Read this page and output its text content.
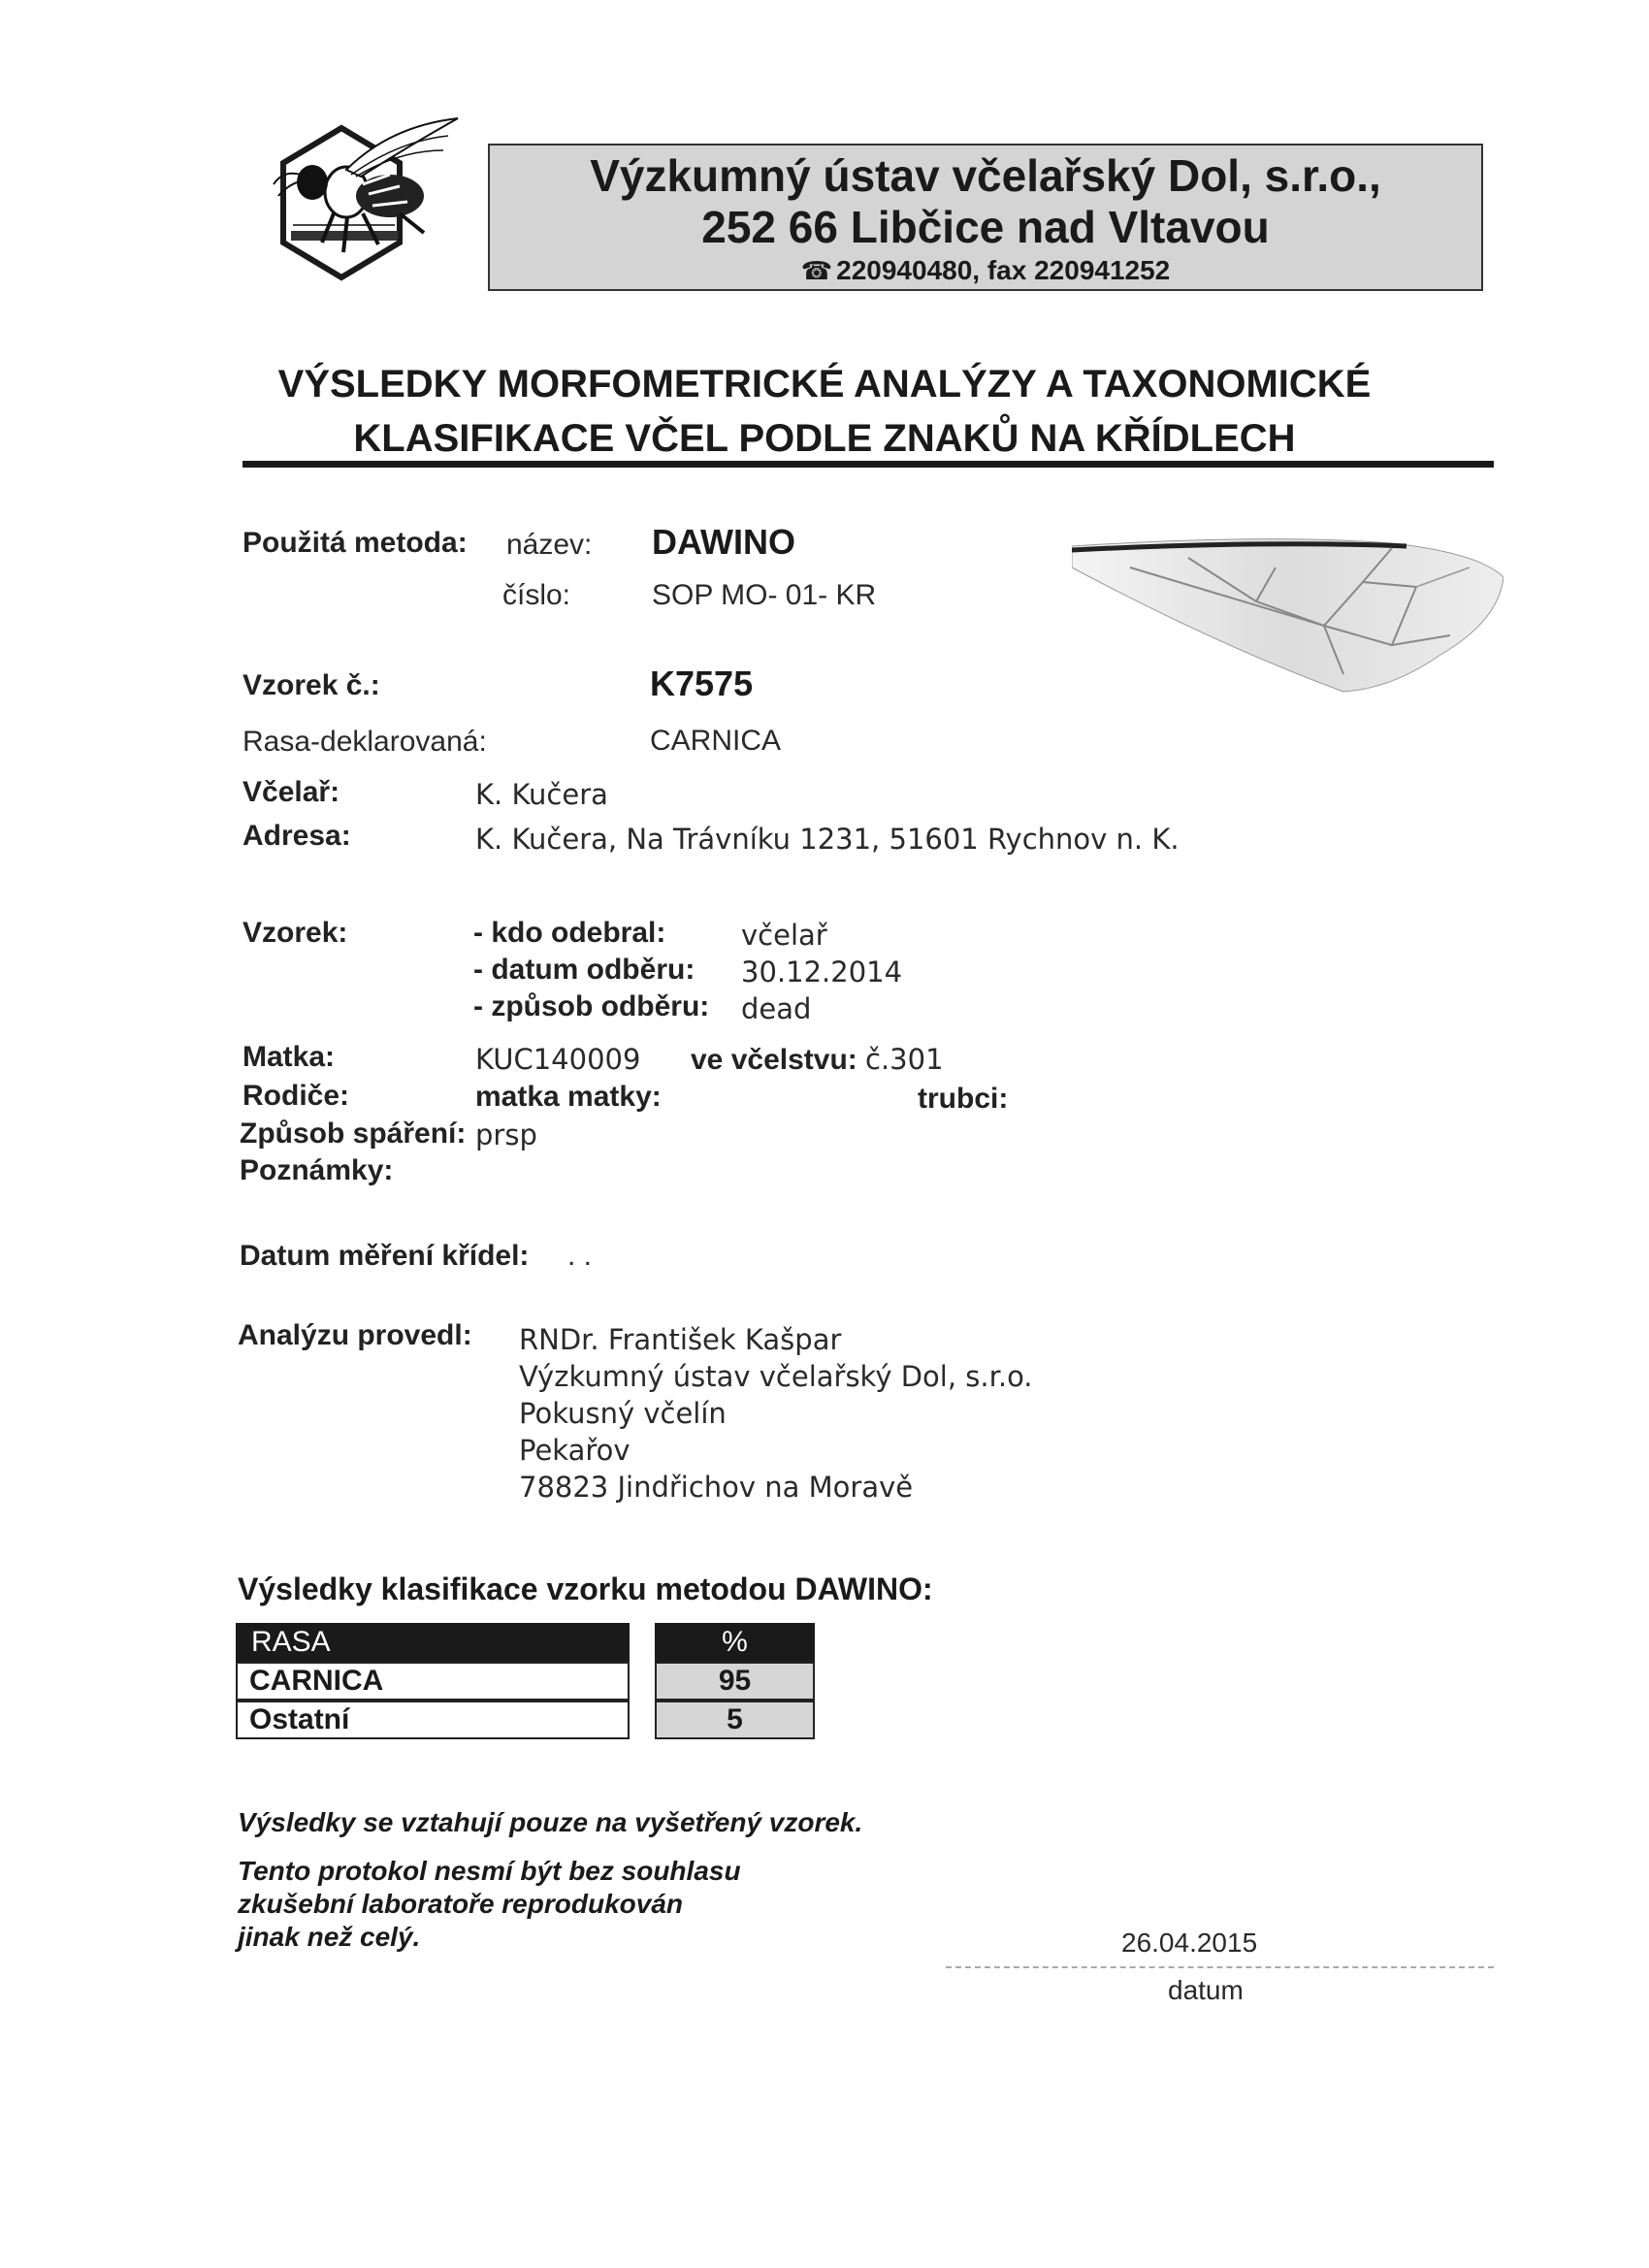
Výzkumný ústav včelařský Dol, s.r.o.,
252 66 Libčice nad Vltavou
☎ 220940480, fax 220941252
VÝSLEDKY MORFOMETRICKÉ ANALÝZY A TAXONOMICKÉ
KLASIFIKACE VČEL PODLE ZNAKŮ NA KŘÍDLECH
Použitá metoda: název: DAWINO
číslo:	SOP MO- 01- KR
Vzorek č.:	K7575
Rasa-deklarovaná:	CARNICA
Včelař:	K. Kučera
Adresa:	K. Kučera, Na Trávníku 1231, 51601 Rychnov n. K.
Vzorek:	- kdo odebral:	včelař
- datum odběru: 30.12.2014
- způsob odběru: dead
Matka:	KUC140009 ve včelstvu: č.301
Rodiče:	matka matky:	trubci:
Způsob spáření: prsp
Poznámky:
Datum měření křídel: . .
Analýzu provedl: RNDr. František Kašpar
Výzkumný ústav včelařský Dol, s.r.o.
Pokusný včelín
Pekařov
78823 Jindřichov na Moravě
Výsledky klasifikace vzorku metodou DAWINO:
RASA		%
CARNICA		95
Ostatní		5
Výsledky se vztahují pouze na vyšetřený vzorek.
Tento protokol nesmí být bez souhlasu
zkušební laboratoře reprodukován
jinak než celý.	26.04.2015
datum
